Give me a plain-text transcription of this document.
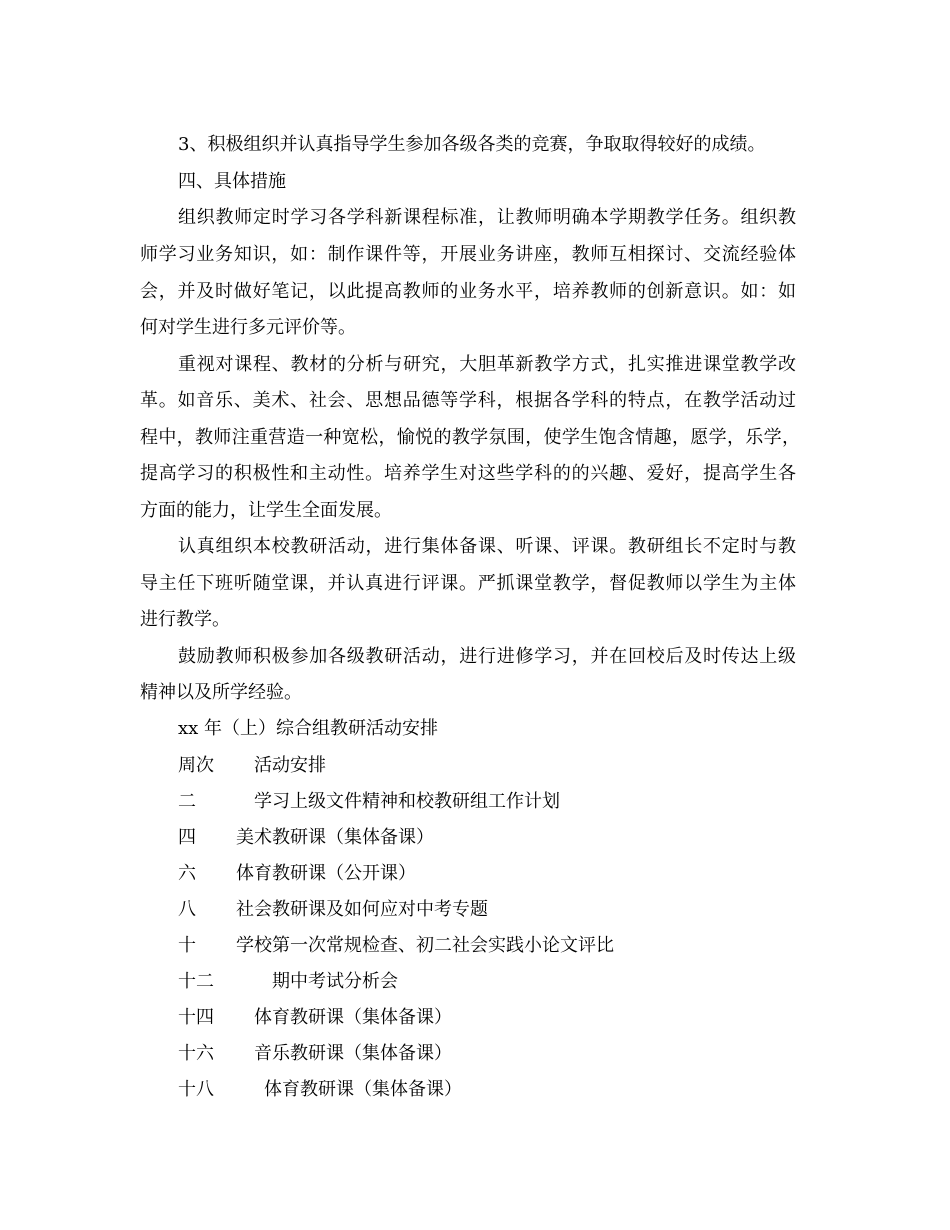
3、积极组织并认真指导学生参加各级各类的竞赛，争取取得较好的成绩。
四、具体措施
组织教师定时学习各学科新课程标准，让教师明确本学期教学任务。组织教
师学习业务知识，如：制作课件等，开展业务讲座，教师互相探讨、交流经验体
会，并及时做好笔记，以此提高教师的业务水平，培养教师的创新意识。如：如
何对学生进行多元评价等。
重视对课程、教材的分析与研究，大胆革新教学方式，扎实推进课堂教学改
革。如音乐、美术、社会、思想品德等学科，根据各学科的特点，在教学活动过
程中，教师注重营造一种宽松，愉悦的教学氛围，使学生饱含情趣，愿学，乐学，
提高学习的积极性和主动性。培养学生对这些学科的的兴趣、爱好，提高学生各
方面的能力，让学生全面发展。
认真组织本校教研活动，进行集体备课、听课、评课。教研组长不定时与教
导主任下班听随堂课，并认真进行评课。严抓课堂教学，督促教师以学生为主体
进行教学。
鼓励教师积极参加各级教研活动，进行进修学习，并在回校后及时传达上级
精神以及所学经验。
xx 年（上）综合组教研活动安排
周次 活动安排
二	学习上级文件精神和校教研组工作计划
四 美术教研课（集体备课）
六 体育教研课（公开课）
八 社会教研课及如何应对中考专题
十 学校第一次常规检查、初二社会实践小论文评比
十二	期中考试分析会
十四 体育教研课（集体备课）
十六 音乐教研课（集体备课）
十八	体育教研课（集体备课）
